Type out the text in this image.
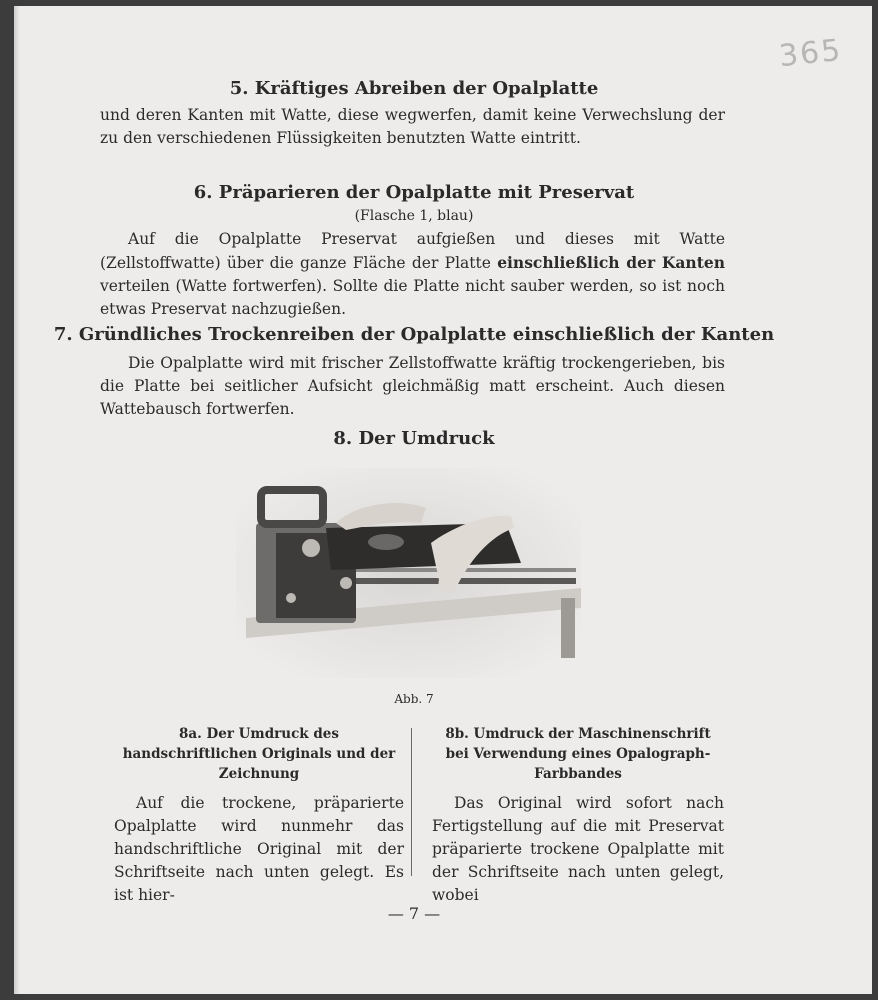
365
5. Kräftiges Abreiben der Opalplatte
und deren Kanten mit Watte, diese wegwerfen, damit keine Verwechslung der zu den verschiedenen Flüssigkeiten benutzten Watte eintritt.
6. Präparieren der Opalplatte mit Preservat
(Flasche 1, blau)
Auf die Opalplatte Preservat aufgießen und dieses mit Watte (Zellstoffwatte) über die ganze Fläche der Platte einschließlich der Kanten verteilen (Watte fortwerfen). Sollte die Platte nicht sauber werden, so ist noch etwas Preservat nachzugießen.
7. Gründliches Trockenreiben der Opalplatte einschließlich der Kanten
Die Opalplatte wird mit frischer Zellstoffwatte kräftig trockengerieben, bis die Platte bei seitlicher Aufsicht gleichmäßig matt erscheint. Auch diesen Wattebausch fortwerfen.
8. Der Umdruck
Abb. 7
8a. Der Umdruck des handschriftlichen Originals und der Zeichnung
Auf die trockene, präparierte Opalplatte wird nunmehr das handschriftliche Original mit der Schriftseite nach unten gelegt. Es ist hier-
8b. Umdruck der Maschinenschrift bei Verwendung eines Opalograph-Farbbandes
Das Original wird sofort nach Fertigstellung auf die mit Preservat präparierte trockene Opalplatte mit der Schriftseite nach unten gelegt, wobei
— 7 —
